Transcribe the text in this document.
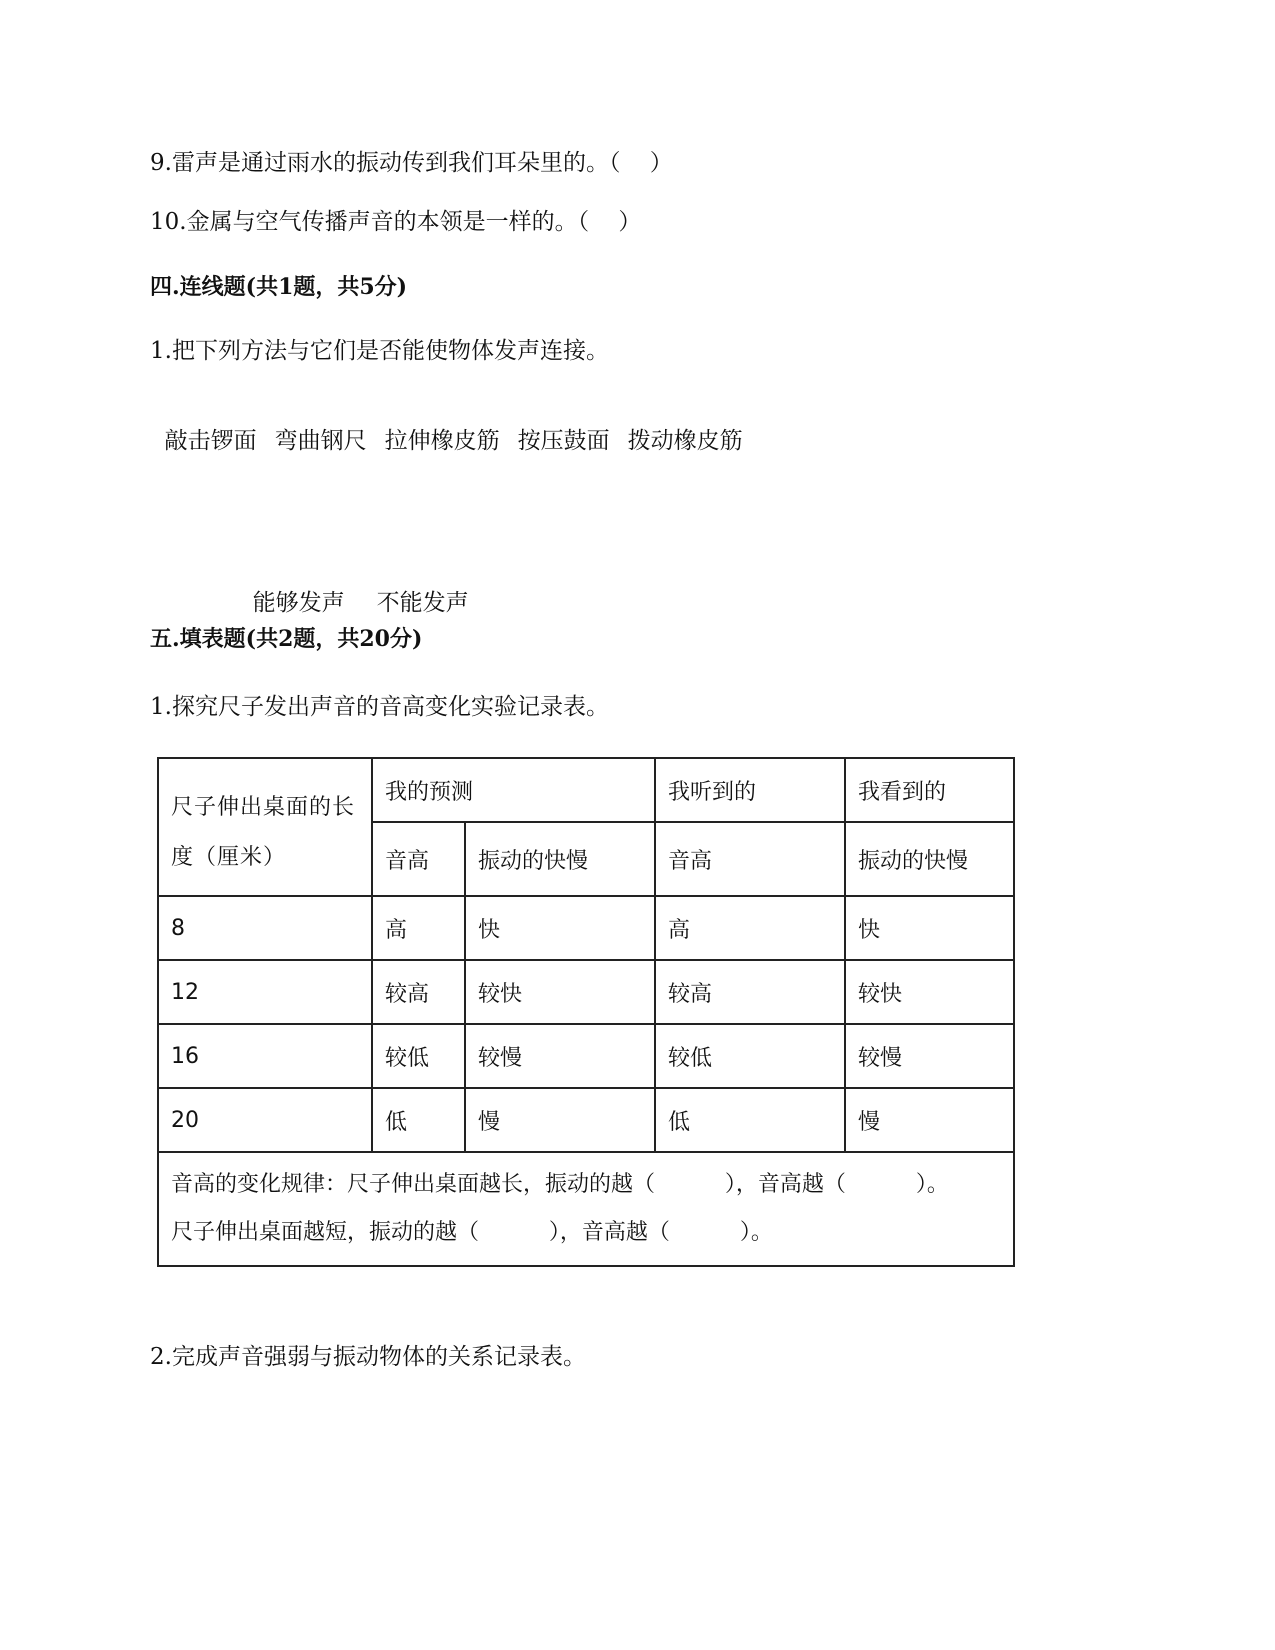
9.雷声是通过雨水的振动传到我们耳朵里的。（    ）
10.金属与空气传播声音的本领是一样的。（    ）
四.连线题(共1题，共5分)
1.把下列方法与它们是否能使物体发声连接。

敲击锣面 弯曲钢尺 拉伸橡皮筋 按压鼓面 拨动橡皮筋

能够发声 不能发声

五.填表题(共2题，共20分)
1.探究尺子发出声音的音高变化实验记录表。
尺子伸出桌面的长度（厘米）	我的预测		我听到的	我看到的
	音高	振动的快慢	音高	振动的快慢
8	高	快	高	快
12	较高	较快	较高	较快
16	较低	较慢	较低	较慢
20	低	慢	低	慢

音高的变化规律：尺子伸出桌面越长，振动的越（          ），音高越（          ）。
尺子伸出桌面越短，振动的越（          ），音高越（          ）。				
2.完成声音强弱与振动物体的关系记录表。
